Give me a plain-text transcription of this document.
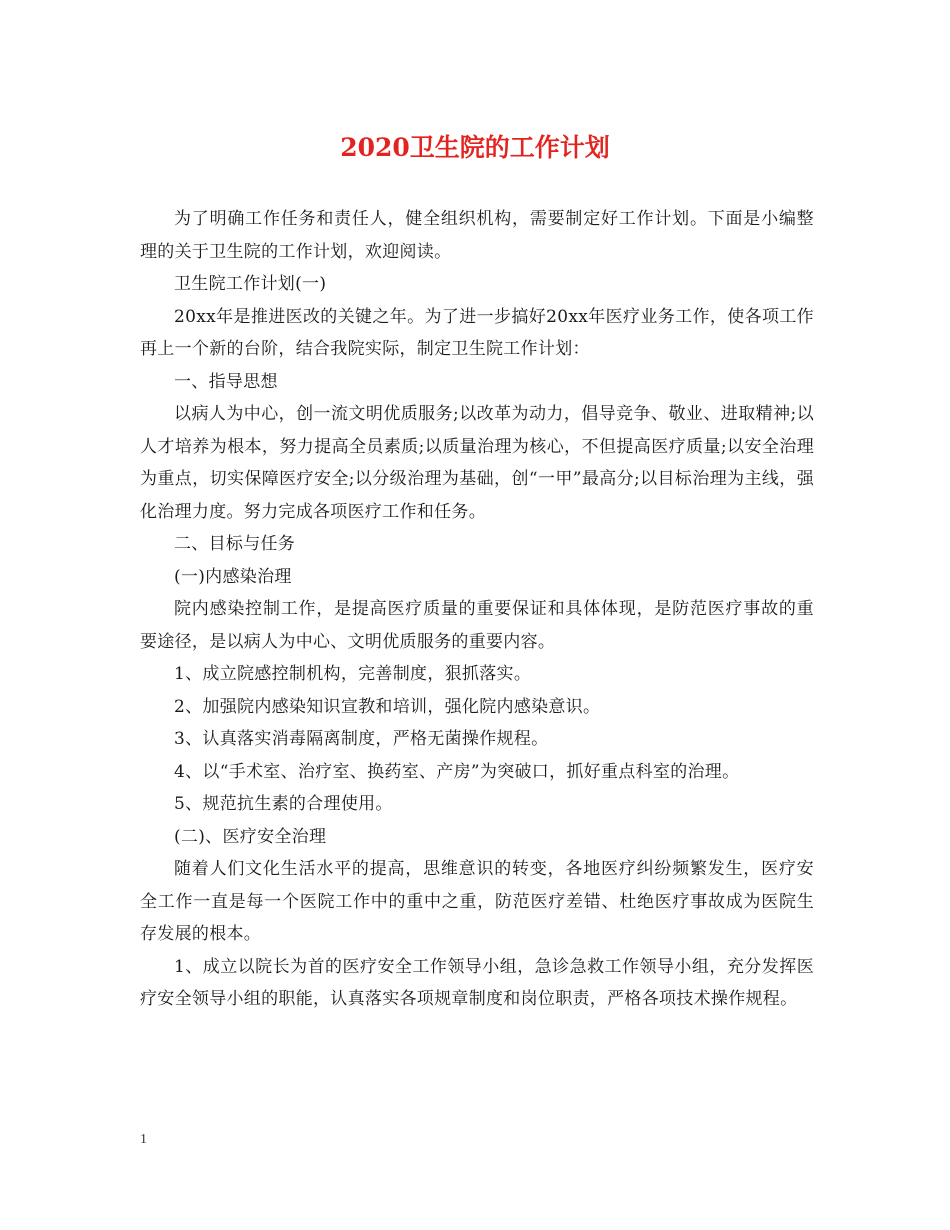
2020卫生院的工作计划

为了明确工作任务和责任人，健全组织机构，需要制定好工作计划。下面是小编整理的关于卫生院的工作计划，欢迎阅读。

卫生院工作计划(一)

20xx年是推进医改的关键之年。为了进一步搞好20xx年医疗业务工作，使各项工作再上一个新的台阶，结合我院实际，制定卫生院工作计划：

一、指导思想

以病人为中心，创一流文明优质服务;以改革为动力，倡导竞争、敬业、进取精神;以人才培养为根本，努力提高全员素质;以质量治理为核心，不但提高医疗质量;以安全治理为重点，切实保障医疗安全;以分级治理为基础，创“一甲”最高分;以目标治理为主线，强化治理力度。努力完成各项医疗工作和任务。

二、目标与任务

(一)内感染治理

院内感染控制工作，是提高医疗质量的重要保证和具体体现，是防范医疗事故的重要途径，是以病人为中心、文明优质服务的重要内容。

1、成立院感控制机构，完善制度，狠抓落实。

2、加强院内感染知识宣教和培训，强化院内感染意识。

3、认真落实消毒隔离制度，严格无菌操作规程。

4、以“手术室、治疗室、换药室、产房”为突破口，抓好重点科室的治理。

5、规范抗生素的合理使用。

(二)、医疗安全治理

随着人们文化生活水平的提高，思维意识的转变，各地医疗纠纷频繁发生，医疗安全工作一直是每一个医院工作中的重中之重，防范医疗差错、杜绝医疗事故成为医院生存发展的根本。

1、成立以院长为首的医疗安全工作领导小组，急诊急救工作领导小组，充分发挥医疗安全领导小组的职能，认真落实各项规章制度和岗位职责，严格各项技术操作规程。

1
